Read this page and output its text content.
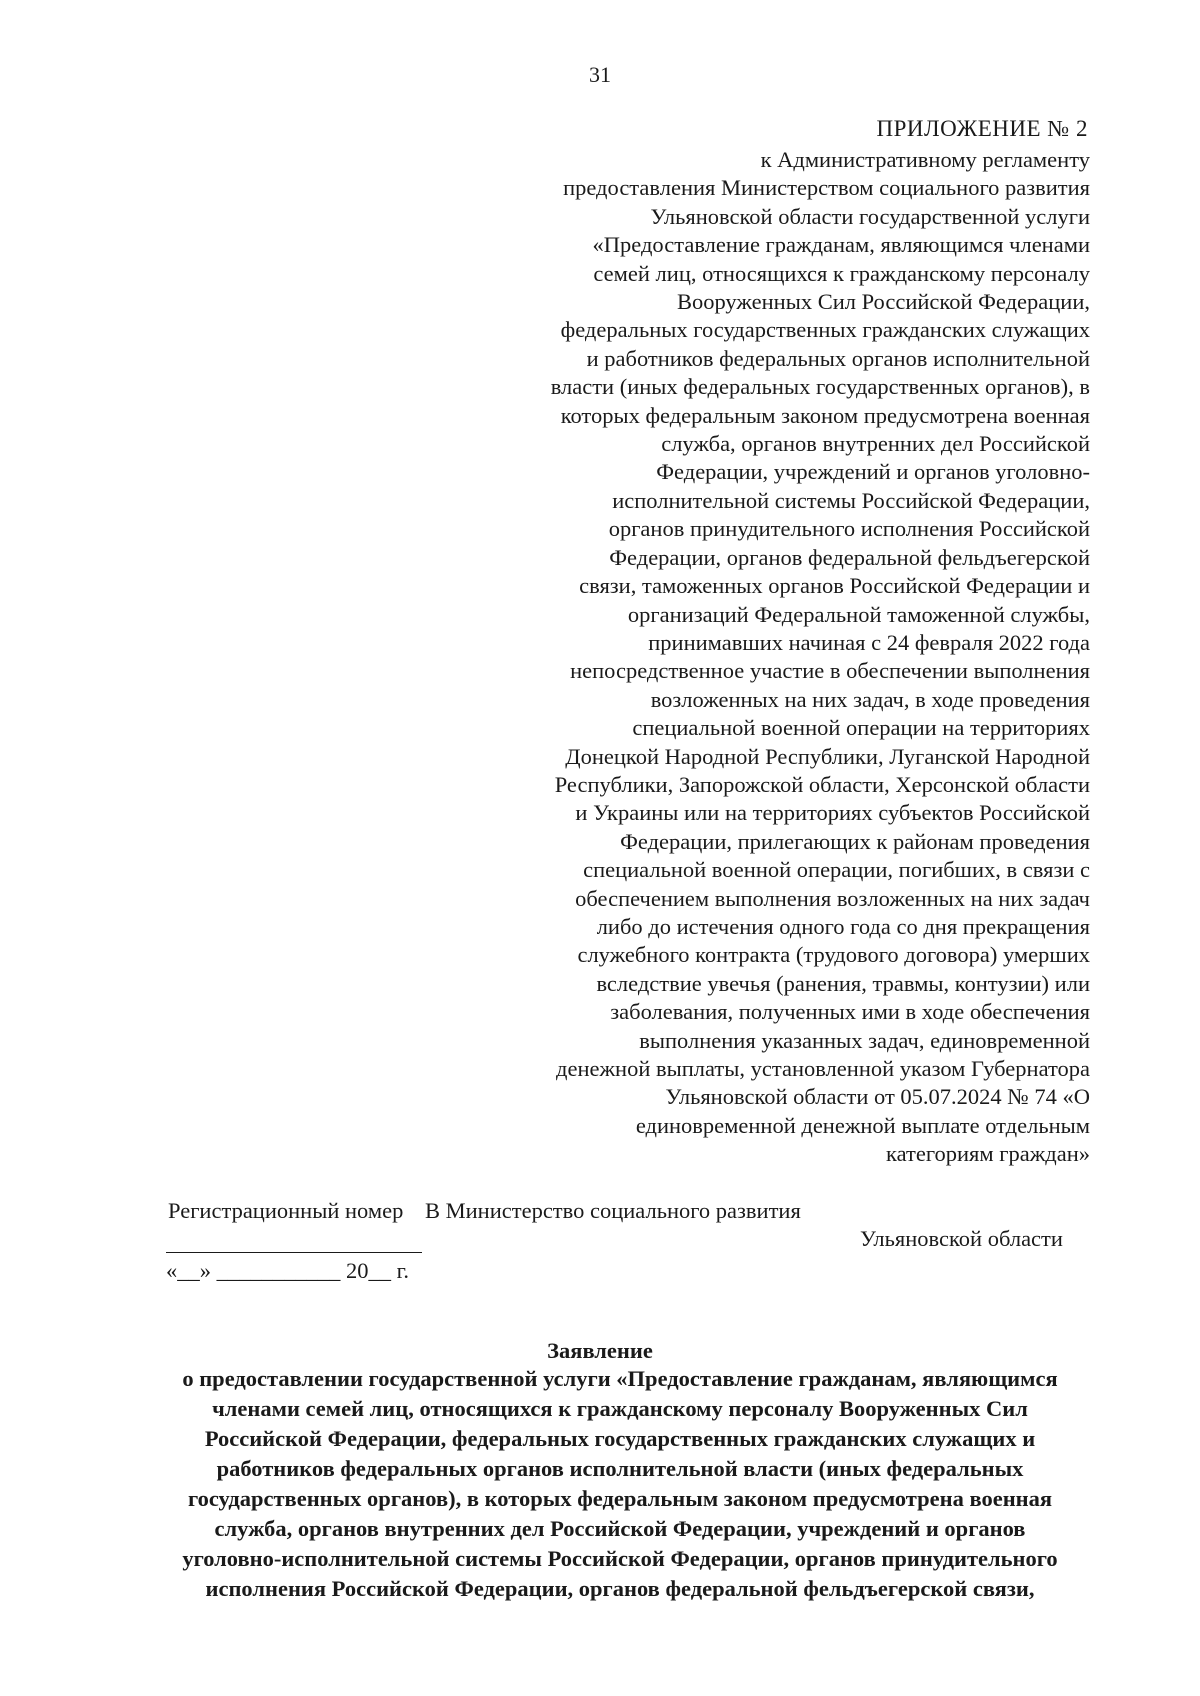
31
ПРИЛОЖЕНИЕ № 2
к Административному регламенту
предоставления Министерством социального развития
Ульяновской области государственной услуги
«Предоставление гражданам, являющимся членами
семей лиц, относящихся к гражданскому персоналу
Вооруженных Сил Российской Федерации,
федеральных государственных гражданских служащих
и работников федеральных органов исполнительной
власти (иных федеральных государственных органов), в
которых федеральным законом предусмотрена военная
служба, органов внутренних дел Российской
Федерации, учреждений и органов уголовно-
исполнительной системы Российской Федерации,
органов принудительного исполнения Российской
Федерации, органов федеральной фельдъегерской
связи, таможенных органов Российской Федерации и
организаций Федеральной таможенной службы,
принимавших начиная с 24 февраля 2022 года
непосредственное участие в обеспечении выполнения
возложенных на них задач, в ходе проведения
специальной военной операции на территориях
Донецкой Народной Республики, Луганской Народной
Республики, Запорожской области, Херсонской области
и Украины или на территориях субъектов Российской
Федерации, прилегающих к районам проведения
специальной военной операции, погибших, в связи с
обеспечением выполнения возложенных на них задач
либо до истечения одного года со дня прекращения
служебного контракта (трудового договора) умерших
вследствие увечья (ранения, травмы, контузии) или
заболевания, полученных ими в ходе обеспечения
выполнения указанных задач, единовременной
денежной выплаты, установленной указом Губернатора
Ульяновской области от 05.07.2024 № 74 «О
единовременной денежной выплате отдельным
категориям граждан»
Регистрационный номер В Министерство социального развития
Ульяновской области
«__» ___________ 20__ г.
Заявление
о предоставлении государственной услуги «Предоставление гражданам, являющимся
членами семей лиц, относящихся к гражданскому персоналу Вооруженных Сил
Российской Федерации, федеральных государственных гражданских служащих и
работников федеральных органов исполнительной власти (иных федеральных
государственных органов), в которых федеральным законом предусмотрена военная
служба, органов внутренних дел Российской Федерации, учреждений и органов
уголовно-исполнительной системы Российской Федерации, органов принудительного
исполнения Российской Федерации, органов федеральной фельдъегерской связи,
